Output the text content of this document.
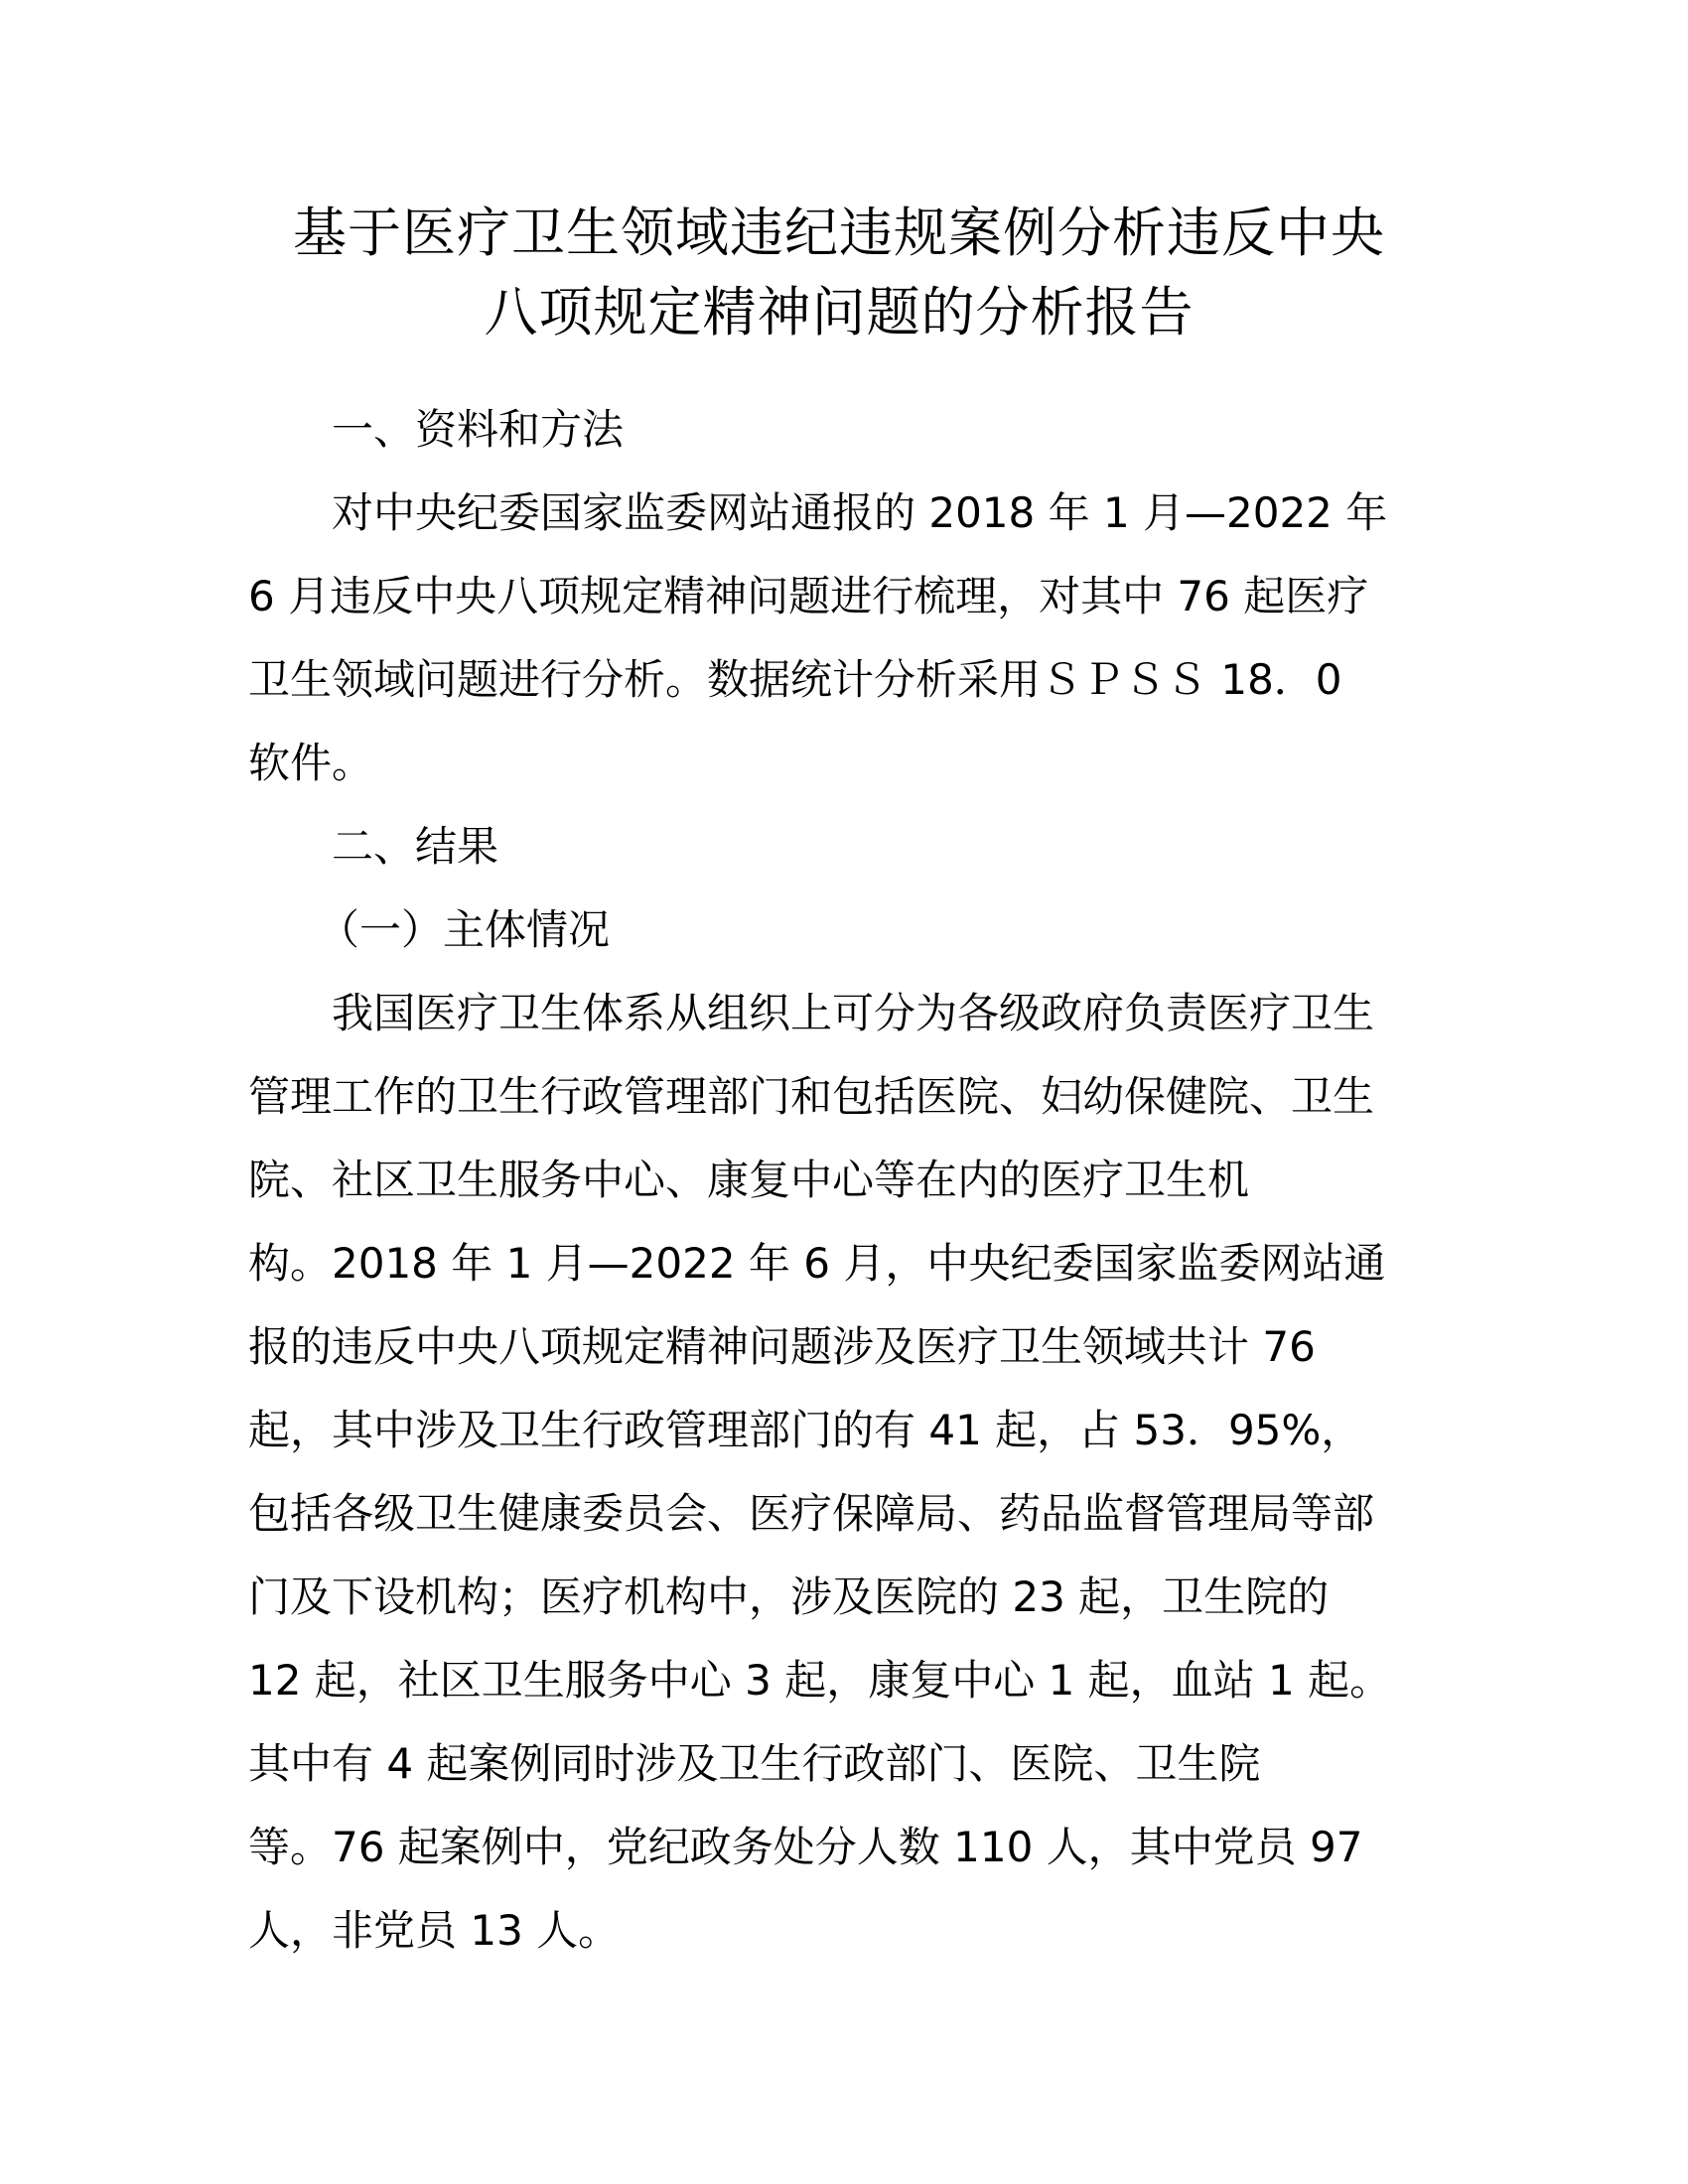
基于医疗卫生领域违纪违规案例分析违反中央
八项规定精神问题的分析报告
一、资料和方法

对中央纪委国家监委网站通报的 2018 年 1 月—2022 年
6 月违反中央八项规定精神问题进行梳理，对其中 76 起医疗
卫生领域问题进行分析。数据统计分析采用ＳＰＳＳ 18．0
软件。

二、结果
（一）主体情况

我国医疗卫生体系从组织上可分为各级政府负责医疗卫生
管理工作的卫生行政管理部门和包括医院、妇幼保健院、卫生
院、社区卫生服务中心、康复中心等在内的医疗卫生机
构。2018 年 1 月—2022 年 6 月，中央纪委国家监委网站通
报的违反中央八项规定精神问题涉及医疗卫生领域共计 76
起，其中涉及卫生行政管理部门的有 41 起，占 53．95%，
包括各级卫生健康委员会、医疗保障局、药品监督管理局等部
门及下设机构；医疗机构中，涉及医院的 23 起，卫生院的
12 起，社区卫生服务中心 3 起，康复中心 1 起，血站 1 起。
其中有 4 起案例同时涉及卫生行政部门、医院、卫生院
等。76 起案例中，党纪政务处分人数 110 人，其中党员 97
人，非党员 13 人。
